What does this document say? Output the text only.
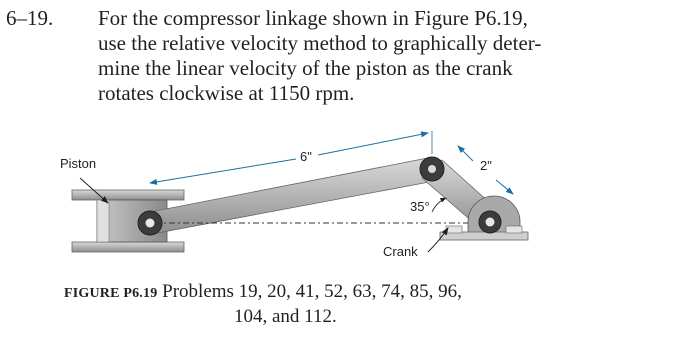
6–19. For the compressor linkage shown in Figure P6.19,
use the relative velocity method to graphically deter-
mine the linear velocity of the piston as the crank
rotates clockwise at 1150 rpm.
Piston	6"
2"
35°
Crank
FIGURE P6.19 Problems 19, 20, 41, 52, 63, 74, 85, 96,
104, and 112.
